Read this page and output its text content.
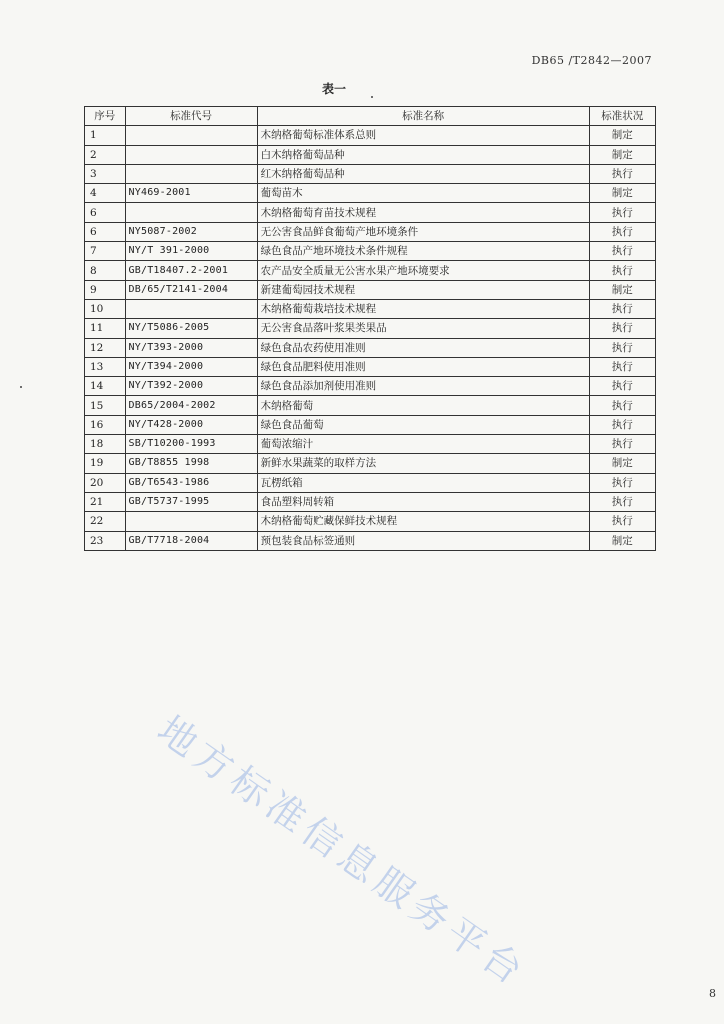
DB65 /T2842—2007
表一
序号	标准代号	标准名称	标准状况
1		木纳格葡萄标准体系总则	制定
2		白木纳格葡萄品种	制定
3		红木纳格葡萄品种	执行
4	NY469-2001	葡萄苗木	制定
6		木纳格葡萄育苗技术规程	执行
6	NY5087-2002	无公害食品鲜食葡萄产地环境条件	执行
7	NY/T 391-2000	绿色食品产地环境技术条件规程	执行
8	GB/T18407.2-2001	农产品安全质量无公害水果产地环境要求	执行
9	DB/65/T2141-2004	新建葡萄园技术规程	制定
10		木纳格葡萄栽培技术规程	执行
11	NY/T5086-2005	无公害食品落叶浆果类果品	执行
12	NY/T393-2000	绿色食品农药使用准则	执行
13	NY/T394-2000	绿色食品肥料使用准则	执行
14	NY/T392-2000	绿色食品添加剂使用准则	执行
15	DB65/2004-2002	木纳格葡萄	执行
16	NY/T428-2000	绿色食品葡萄	执行
18	SB/T10200-1993	葡萄浓缩汁	执行
19	GB/T8855 1998	新鲜水果蔬菜的取样方法	制定
20	GB/T6543-1986	瓦楞纸箱	执行
21	GB/T5737-1995	食品塑料周转箱	执行
22		木纳格葡萄贮藏保鲜技术规程	执行
23	GB/T7718-2004	预包装食品标签通则	制定
地方标准信息服务平台	8
